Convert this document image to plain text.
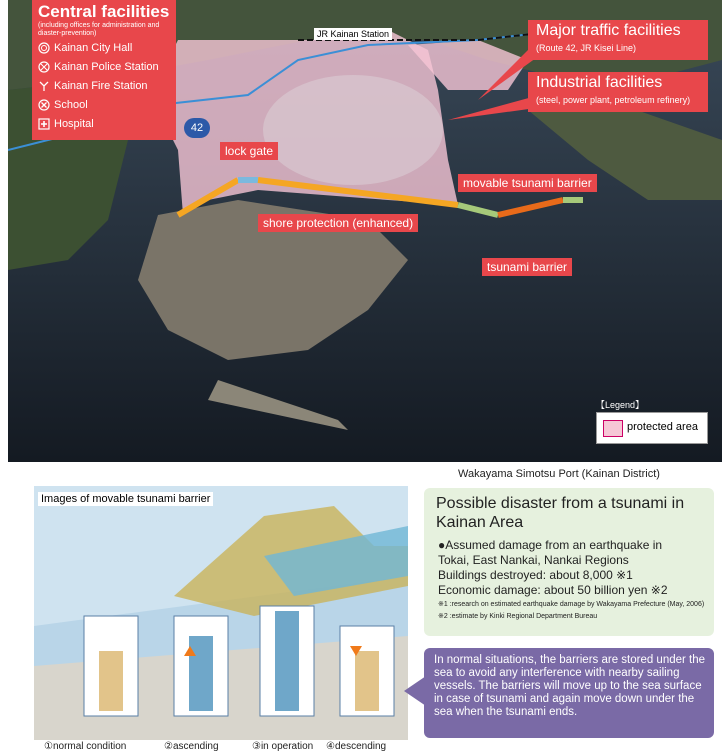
Central facilities
(including offices for administration and diaster-prevention)
Kainan City Hall
Kainan Police Station
Kainan Fire Station
School
Hospital
Major traffic facilities
(Route 42, JR Kisei Line)
Industrial facilities
(steel, power plant, petroleum refinery)
JR Kainan Station
42
lock gate
movable tsunami barrier
shore protection (enhanced)
tsunami barrier
【Legend】
protected area
Wakayama Simotsu Port (Kainan District)
Images of movable tsunami barrier
①normal condition	②ascending	③in operation ④descending
Possible disaster from a tsunami in Kainan Area
●Assumed damage from an earthquake in
Tokai, East Nankai, Nankai Regions
Buildings destroyed: about 8,000 ※1
Economic damage: about 50 billion yen ※2
※1 :research on estimated earthquake damage by Wakayama Prefecture (May, 2006)
※2 :estimate by Kinki Regional Department Bureau
In normal situations, the barriers are stored under the sea to avoid any interference with nearby sailing vessels. The barriers will move up to the sea surface in case of tsunami and again move down under the sea when the tsunami ends.
